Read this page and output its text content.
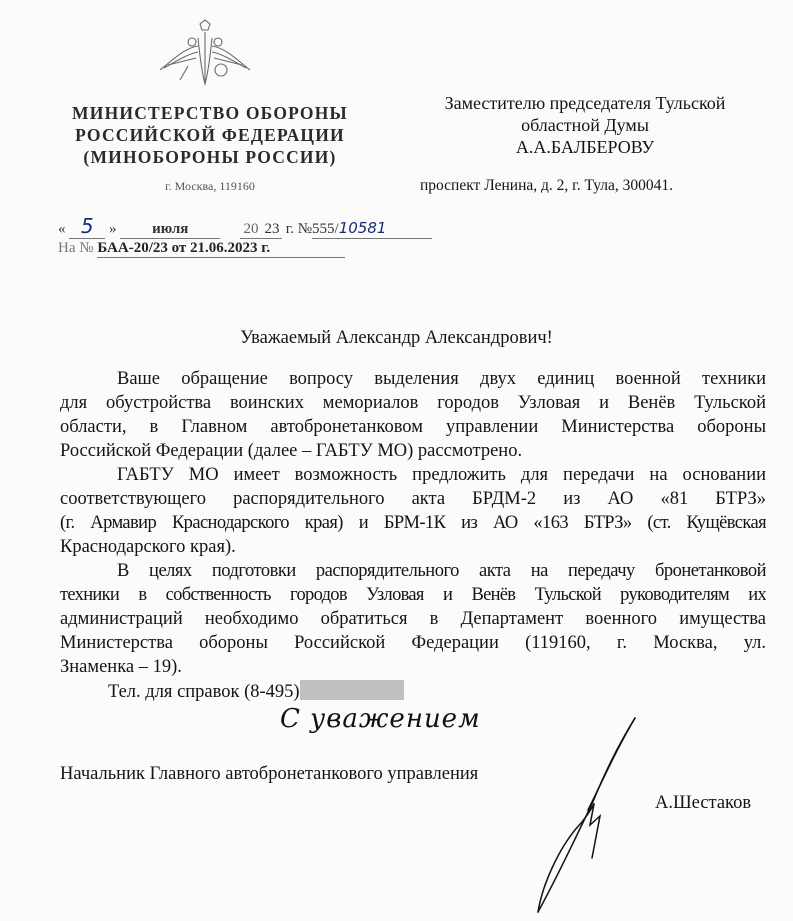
МИНИСТЕРСТВО ОБОРОНЫ
РОССИЙСКОЙ ФЕДЕРАЦИИ
(МИНОБОРОНЫ РОССИИ)
г. Москва, 119160
Заместителю председателя Тульской
областной Думы
А.А.БАЛБЕРОВУ
проспект Ленина, д. 2, г. Тула, 300041.
« 5 » июля	20 23 г. №555/10581
На № БАА-20/23 от 21.06.2023 г.
Уважаемый Александр Александрович!
Ваше обращение вопросу выделения двух единиц военной техники
для обустройства воинских мемориалов городов Узловая и Венёв Тульской
области, в Главном автобронетанковом управлении Министерства обороны
Российской Федерации (далее – ГАБТУ МО) рассмотрено.
ГАБТУ МО имеет возможность предложить для передачи на основании
соответствующего распорядительного акта БРДМ-2 из АО «81 БТРЗ»
(г. Армавир Краснодарского края) и БРМ-1К из АО «163 БТРЗ» (ст. Кущёвская
Краснодарского края).
В целях подготовки распорядительного акта на передачу бронетанковой
техники в собственность городов Узловая и Венёв Тульской руководителям их
администраций необходимо обратиться в Департамент военного имущества
Министерства обороны Российской Федерации (119160, г. Москва, ул.
Знаменка – 19).
Тел. для справок (8-495)
С уважением
Начальник Главного автобронетанкового управления
А.Шестаков
